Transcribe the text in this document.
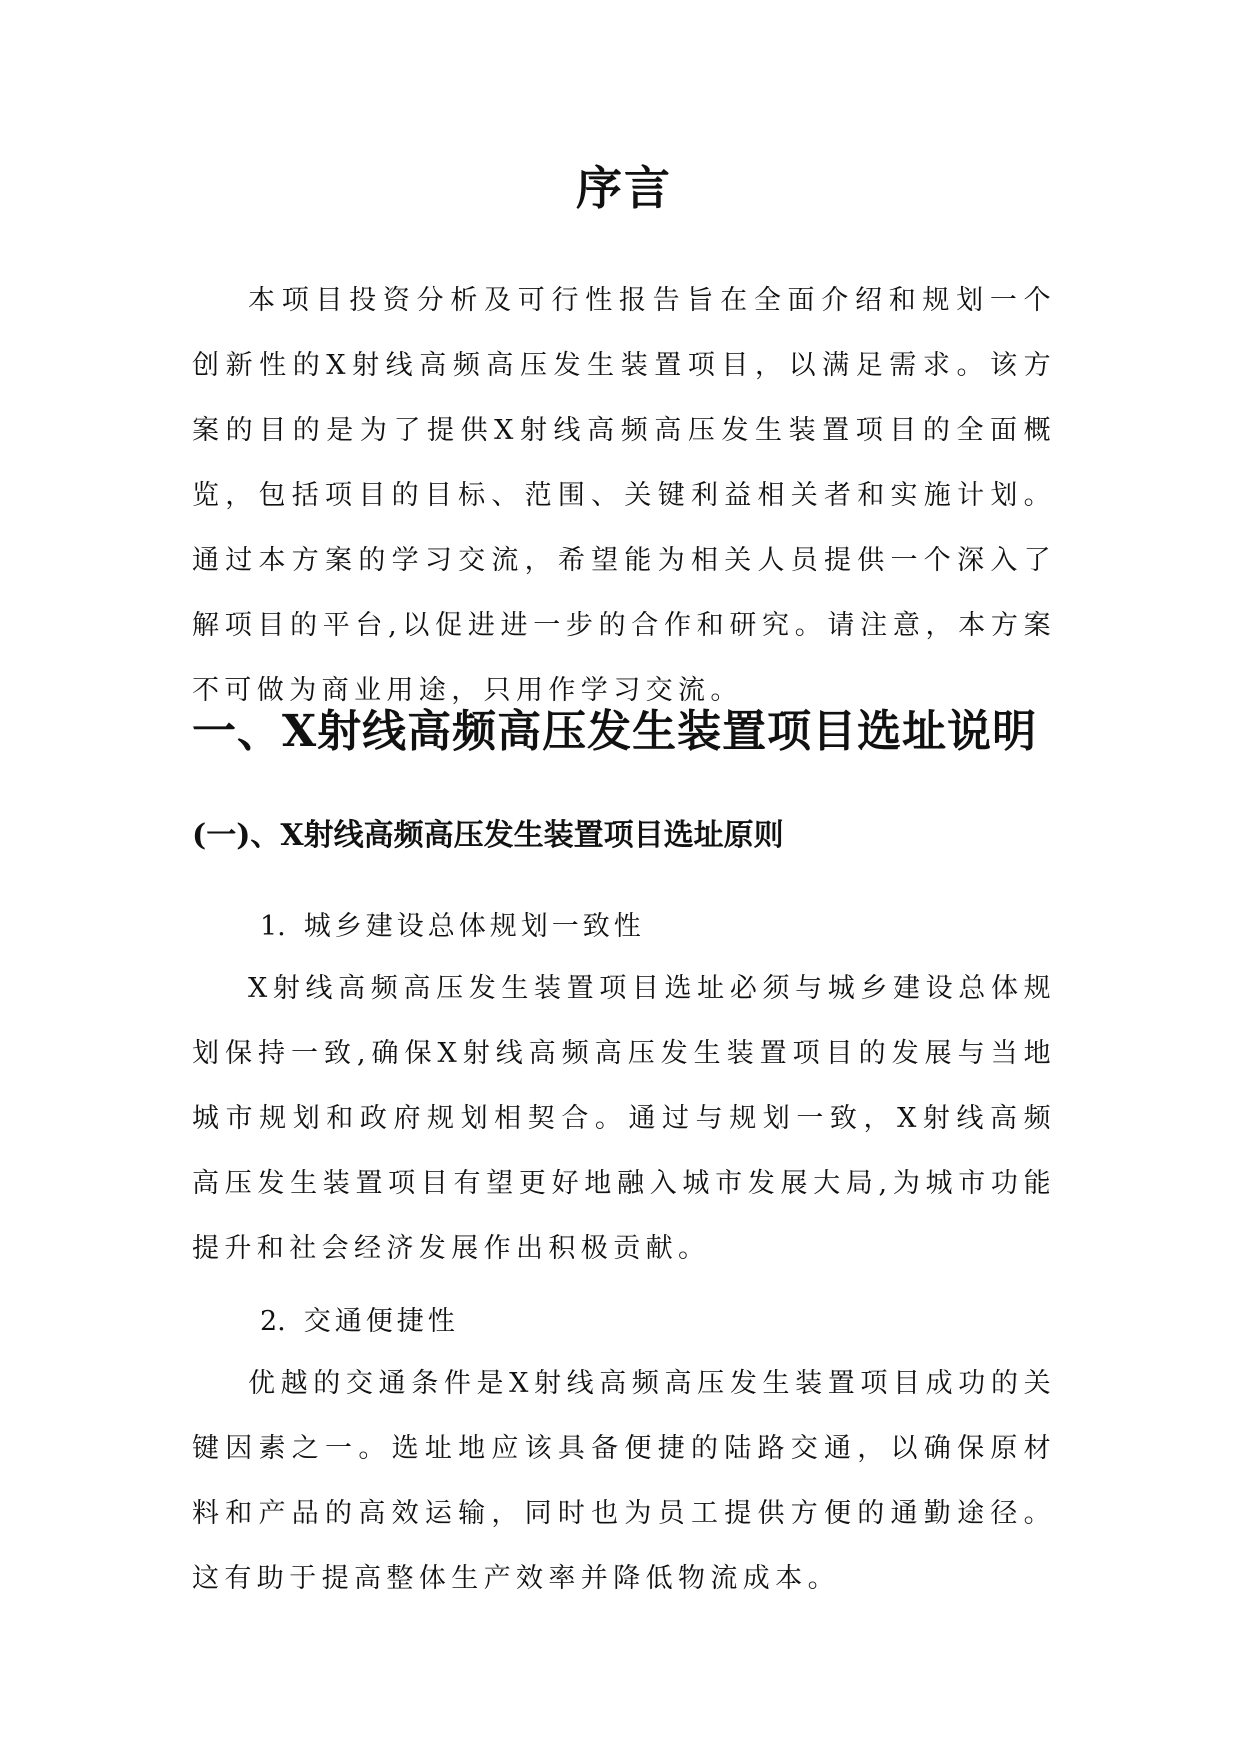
序言

本项目投资分析及可行性报告旨在全面介绍和规划一个创新性的X射线高频高压发生装置项目，以满足需求。该方案的目的是为了提供X射线高频高压发生装置项目的全面概览，包括项目的目标、范围、关键利益相关者和实施计划。通过本方案的学习交流，希望能为相关人员提供一个深入了解项目的平台,以促进进一步的合作和研究。请注意，本方案不可做为商业用途，只用作学习交流。

一、X射线高频高压发生装置项目选址说明
(一)、X射线高频高压发生装置项目选址原则

1. 城乡建设总体规划一致性

X射线高频高压发生装置项目选址必须与城乡建设总体规划保持一致,确保X射线高频高压发生装置项目的发展与当地城市规划和政府规划相契合。通过与规划一致，X射线高频高压发生装置项目有望更好地融入城市发展大局,为城市功能提升和社会经济发展作出积极贡献。

2. 交通便捷性

优越的交通条件是X射线高频高压发生装置项目成功的关键因素之一。选址地应该具备便捷的陆路交通，以确保原材料和产品的高效运输，同时也为员工提供方便的通勤途径。这有助于提高整体生产效率并降低物流成本。
